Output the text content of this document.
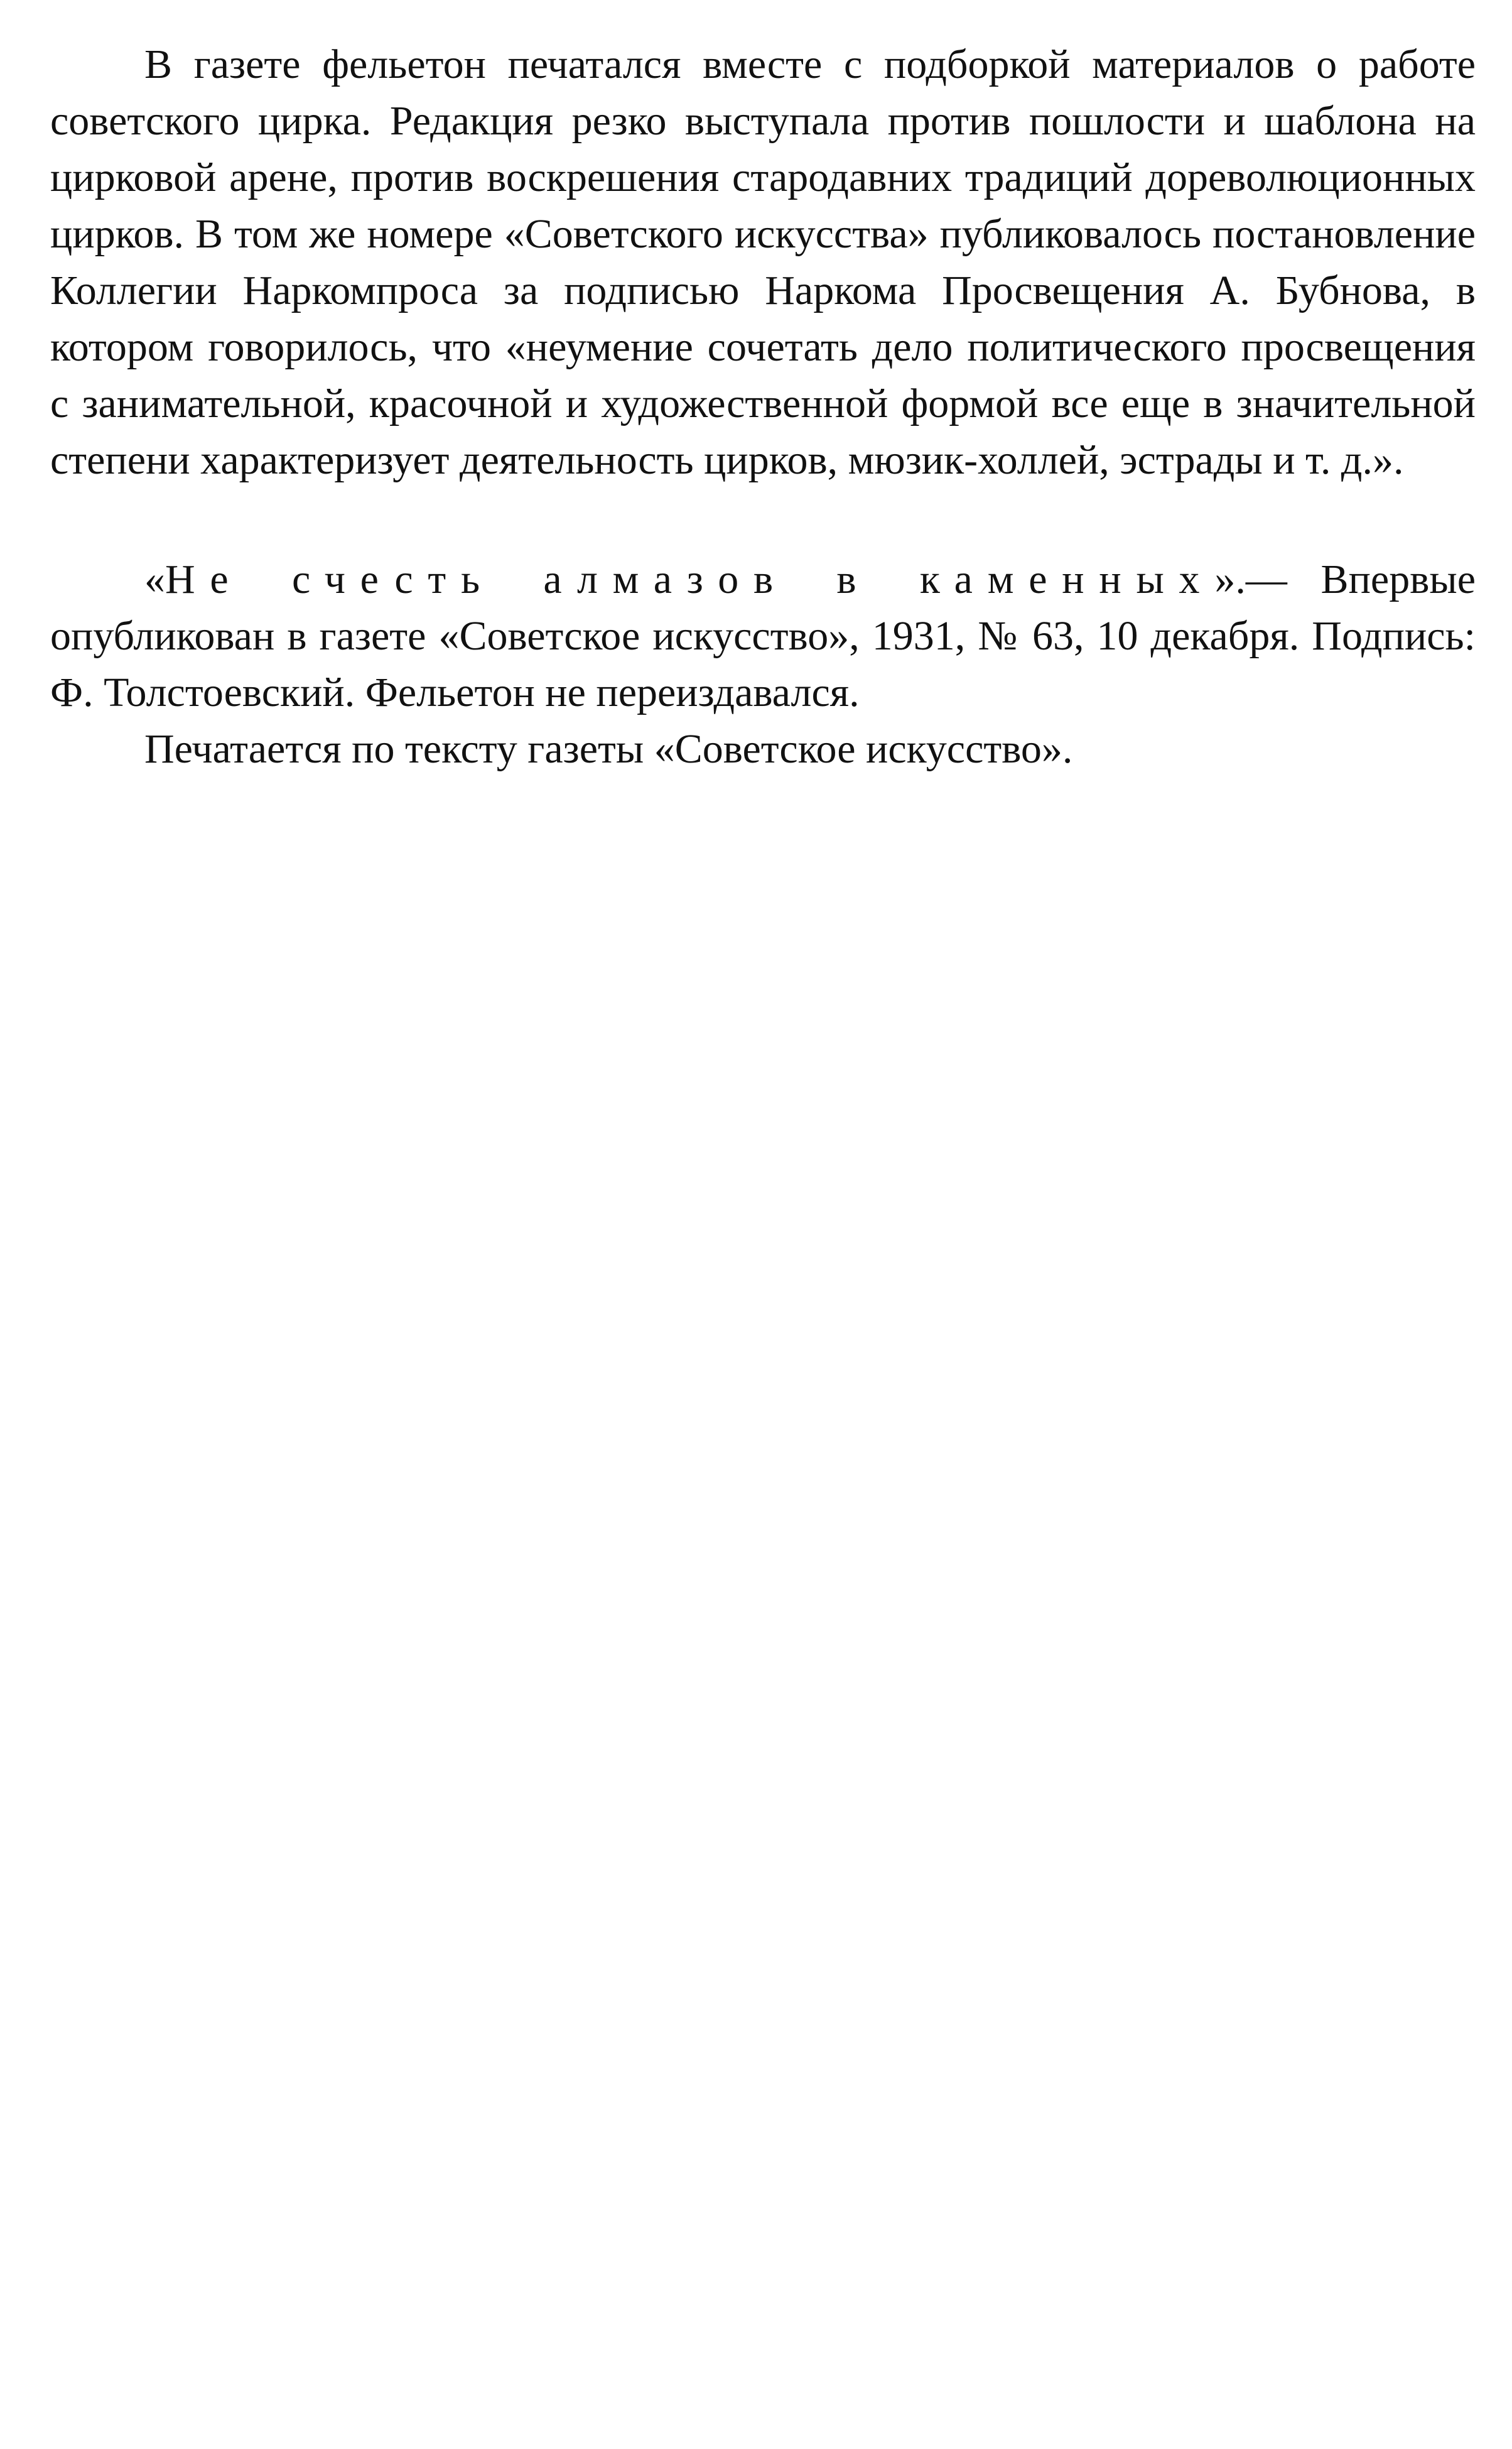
В газете фельетон печатался вместе с подборкой материалов о работе советского цирка. Редакция резко выступала против пошлости и шаблона на цирковой арене, против воскрешения стародавних традиций дореволюционных цирков. В том же номере «Советского искусства» публиковалось постановление Коллегии Наркомпроса за подписью Наркома Просвещения А. Бубнова, в котором говорилось, что «неумение сочетать дело политического просвещения с занимательной, красочной и художественной формой все еще в значительной степени характеризует деятельность цирков, мюзик-холлей, эстрады и т. д.».

«Не счесть алмазов в каменных».— Впервые опубликован в газете «Советское искусство», 1931, № 63, 10 декабря. Подпись: Ф. Толстоевский. Фельетон не переиздавался.

Печатается по тексту газеты «Советское искусство».
